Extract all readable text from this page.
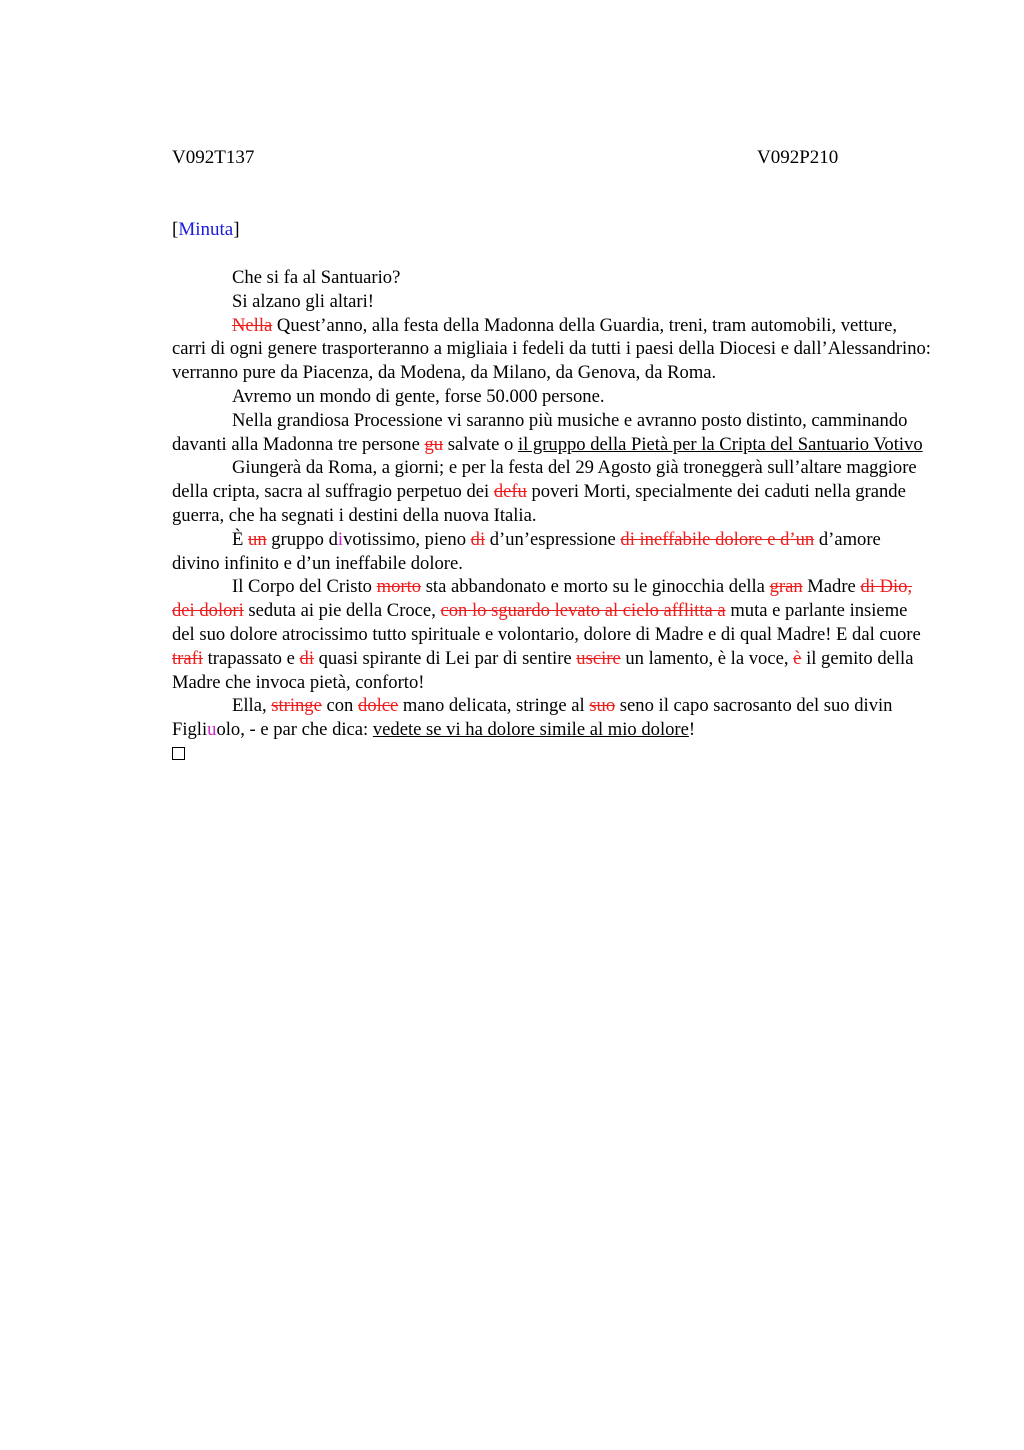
V092T137	V092P210
[Minuta]

Che si fa al Santuario?

Si alzano gli altari!

Nella Quest’anno, alla festa della Madonna della Guardia, treni, tram automobili, vetture, carri di ogni genere trasporteranno a migliaia i fedeli da tutti i paesi della Diocesi e dall’Alessandrino: verranno pure da Piacenza, da Modena, da Milano, da Genova, da Roma.

Avremo un mondo di gente, forse 50.000 persone.

Nella grandiosa Processione vi saranno più musiche e avranno posto distinto, camminando davanti alla Madonna tre persone gu salvate o il gruppo della Pietà per la Cripta del Santuario Votivo

Giungerà da Roma, a giorni; e per la festa del 29 Agosto già troneggerà sull’altare maggiore della cripta, sacra al suffragio perpetuo dei defu poveri Morti, specialmente dei caduti nella grande guerra, che ha segnati i destini della nuova Italia.

È un gruppo divotissimo, pieno di d’un’espressione di ineffabile dolore e d’un d’amore divino infinito e d’un ineffabile dolore.

Il Corpo del Cristo morto sta abbandonato e morto su le ginocchia della gran Madre di Dio, dei dolori seduta ai pie della Croce, con lo sguardo levato al cielo afflitta a muta e parlante insieme del suo dolore atrocissimo tutto spirituale e volontario, dolore di Madre e di qual Madre! E dal cuore trafi trapassato e di quasi spirante di Lei par di sentire uscire un lamento, è la voce, è il gemito della Madre che invoca pietà, conforto!

Ella, stringe con dolce mano delicata, stringe al suo seno il capo sacrosanto del suo divin Figliuolo, - e par che dica: vedete se vi ha dolore simile al mio dolore!
